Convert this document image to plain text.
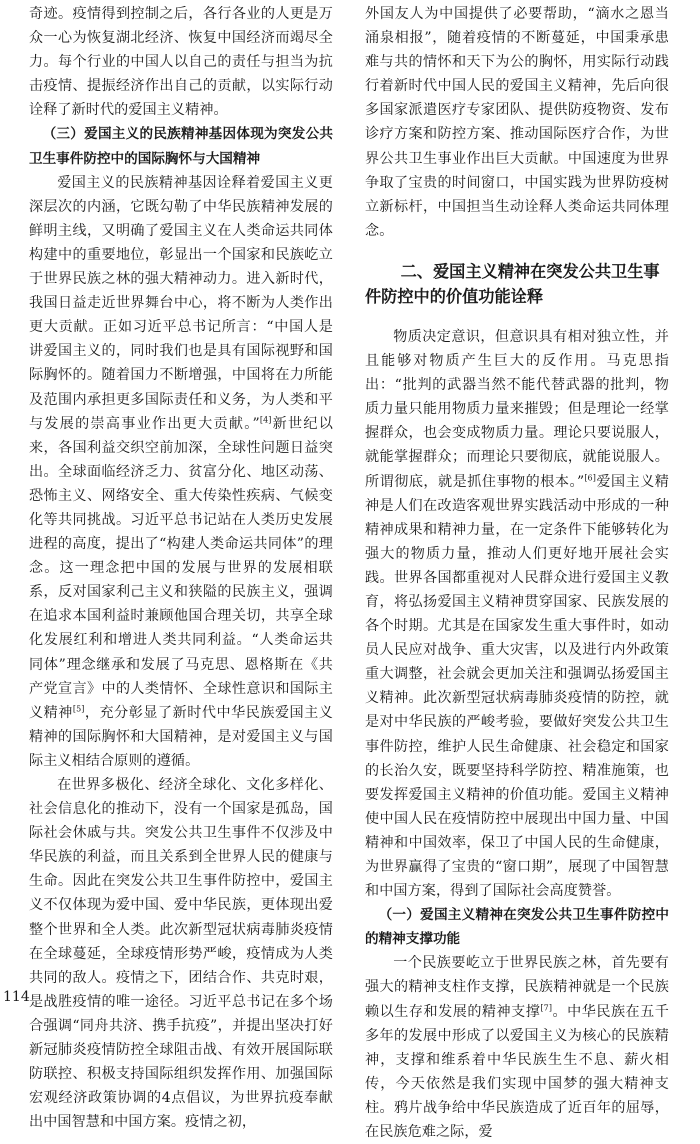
奇迹。疫情得到控制之后，各行各业的人更是万众一心为恢复湖北经济、恢复中国经济而竭尽全力。每个行业的中国人以自己的责任与担当为抗击疫情、提振经济作出自己的贡献，以实际行动诠释了新时代的爱国主义精神。

（三）爱国主义的民族精神基因体现为突发公共卫生事件防控中的国际胸怀与大国精神

爱国主义的民族精神基因诠释着爱国主义更深层次的内涵，它既勾勒了中华民族精神发展的鲜明主线，又明确了爱国主义在人类命运共同体构建中的重要地位，彰显出一个国家和民族屹立于世界民族之林的强大精神动力。进入新时代，我国日益走近世界舞台中心，将不断为人类作出更大贡献。正如习近平总书记所言：“中国人是讲爱国主义的，同时我们也是具有国际视野和国际胸怀的。随着国力不断增强，中国将在力所能及范围内承担更多国际责任和义务，为人类和平与发展的崇高事业作出更大贡献。”[4]新世纪以来，各国利益交织空前加深，全球性问题日益突出。全球面临经济乏力、贫富分化、地区动荡、恐怖主义、网络安全、重大传染性疾病、气候变化等共同挑战。习近平总书记站在人类历史发展进程的高度，提出了“构建人类命运共同体”的理念。这一理念把中国的发展与世界的发展相联系，反对国家利己主义和狭隘的民族主义，强调在追求本国利益时兼顾他国合理关切，共享全球化发展红利和增进人类共同利益。“人类命运共同体”理念继承和发展了马克思、恩格斯在《共产党宣言》中的人类情怀、全球性意识和国际主义精神[5]，充分彰显了新时代中华民族爱国主义精神的国际胸怀和大国精神，是对爱国主义与国际主义相结合原则的遵循。

在世界多极化、经济全球化、文化多样化、社会信息化的推动下，没有一个国家是孤岛，国际社会休戚与共。突发公共卫生事件不仅涉及中华民族的利益，而且关系到全世界人民的健康与生命。因此在突发公共卫生事件防控中，爱国主义不仅体现为爱中国、爱中华民族，更体现出爱整个世界和全人类。此次新型冠状病毒肺炎疫情在全球蔓延，全球疫情形势严峻，疫情成为人类共同的敌人。疫情之下，团结合作、共克时艰，是战胜疫情的唯一途径。习近平总书记在多个场合强调“同舟共济、携手抗疫”，并提出坚决打好新冠肺炎疫情防控全球阻击战、有效开展国际联防联控、积极支持国际组织发挥作用、加强国际宏观经济政策协调的4点倡议，为世界抗疫奉献出中国智慧和中国方案。疫情之初，

外国友人为中国提供了必要帮助，“滴水之恩当涌泉相报”，随着疫情的不断蔓延，中国秉承患难与共的情怀和天下为公的胸怀，用实际行动践行着新时代中国人民的爱国主义精神，先后向很多国家派遣医疗专家团队、提供防疫物资、发布诊疗方案和防控方案、推动国际医疗合作，为世界公共卫生事业作出巨大贡献。中国速度为世界争取了宝贵的时间窗口，中国实践为世界防疫树立新标杆，中国担当生动诠释人类命运共同体理念。

二、爱国主义精神在突发公共卫生事件防控中的价值功能诠释

物质决定意识，但意识具有相对独立性，并且能够对物质产生巨大的反作用。马克思指出：“批判的武器当然不能代替武器的批判，物质力量只能用物质力量来摧毁；但是理论一经掌握群众，也会变成物质力量。理论只要说服人，就能掌握群众；而理论只要彻底，就能说服人。所谓彻底，就是抓住事物的根本。”[6]爱国主义精神是人们在改造客观世界实践活动中形成的一种精神成果和精神力量，在一定条件下能够转化为强大的物质力量，推动人们更好地开展社会实践。世界各国都重视对人民群众进行爱国主义教育，将弘扬爱国主义精神贯穿国家、民族发展的各个时期。尤其是在国家发生重大事件时，如动员人民应对战争、重大灾害，以及进行内外政策重大调整，社会就会更加关注和强调弘扬爱国主义精神。此次新型冠状病毒肺炎疫情的防控，就是对中华民族的严峻考验，要做好突发公共卫生事件防控，维护人民生命健康、社会稳定和国家的长治久安，既要坚持科学防控、精准施策，也要发挥爱国主义精神的价值功能。爱国主义精神使中国人民在疫情防控中展现出中国力量、中国精神和中国效率，保卫了中国人民的生命健康，为世界赢得了宝贵的“窗口期”，展现了中国智慧和中国方案，得到了国际社会高度赞誉。

（一）爱国主义精神在突发公共卫生事件防控中的精神支撑功能

一个民族要屹立于世界民族之林，首先要有强大的精神支柱作支撑，民族精神就是一个民族赖以生存和发展的精神支撑[7]。中华民族在五千多年的发展中形成了以爱国主义为核心的民族精神，支撑和维系着中华民族生生不息、薪火相传，今天依然是我们实现中国梦的强大精神支柱。鸦片战争给中华民族造成了近百年的屈辱，在民族危难之际，爱

114
